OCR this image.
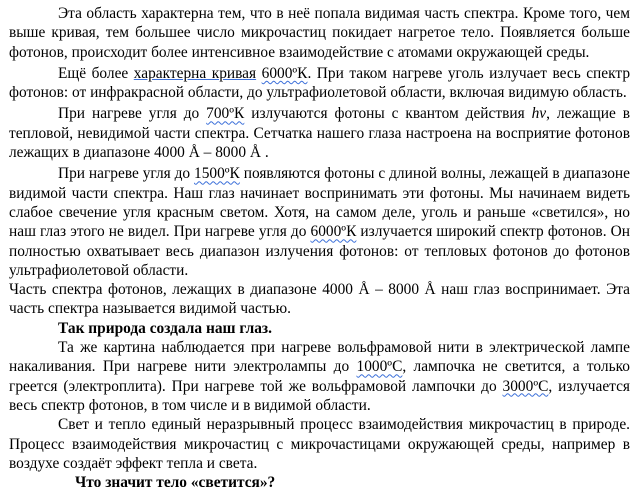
Эта область характерна тем, что в неё попала видимая часть спектра. Кроме того, чем выше кривая, тем большее число микрочастиц покидает нагретое тело. Появляется больше фотонов, происходит более интенсивное взаимодействие с атомами окружающей среды.

Ещё более характерна кривая 6000ºК. При таком нагреве уголь излучает весь спектр фотонов: от инфракрасной области, до ультрафиолетовой области, включая видимую область.

При нагреве угля до 700ºК излучаются фотоны с квантом действия hν, лежащие в тепловой, невидимой части спектра. Сетчатка нашего глаза настроена на восприятие фотонов лежащих в диапазоне 4000 Å – 8000 Å .

При нагреве угля до 1500ºК появляются фотоны с длиной волны, лежащей в диапазоне видимой части спектра. Наш глаз начинает воспринимать эти фотоны. Мы начинаем видеть слабое свечение угля красным светом. Хотя, на самом деле, уголь и раньше «светился», но наш глаз этого не видел. При нагреве угля до 6000ºК излучается широкий спектр фотонов. Он полностью охватывает весь диапазон излучения фотонов: от тепловых фотонов до фотонов ультрафиолетовой области.

Часть спектра фотонов, лежащих в диапазоне 4000 Å – 8000 Å наш глаз воспринимает. Эта часть спектра называется видимой частью.

Так природа создала наш глаз.

Та же картина наблюдается при нагреве вольфрамовой нити в электрической лампе накаливания. При нагреве нити электролампы до 1000ºС, лампочка не светится, а только греется (электроплита). При нагреве той же вольфрамовой лампочки до 3000ºС, излучается весь спектр фотонов, в том числе и в видимой области.

Свет и тепло единый неразрывный процесс взаимодействия микрочастиц в природе. Процесс взаимодействия микрочастиц с микрочастицами окружающей среды, например в воздухе создаёт эффект тепла и света.

Что значит тело «светится»?
